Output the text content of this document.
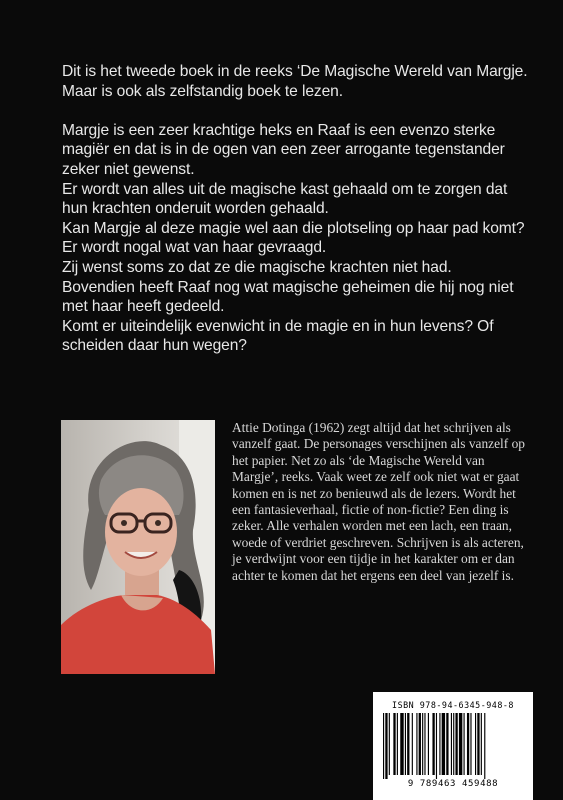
Dit is het tweede boek in de reeks ‘De Magische Wereld van Margje. Maar is ook als zelfstandig boek te lezen.

Margje is een zeer krachtige heks en Raaf is een evenzo sterke magiër en dat is in de ogen van een zeer arrogante tegenstander zeker niet gewenst.

Er wordt van alles uit de magische kast gehaald om te zorgen dat hun krachten onderuit worden gehaald.

Kan Margje al deze magie wel aan die plotseling op haar pad komt? Er wordt nogal wat van haar gevraagd.

Zij wenst soms zo dat ze die magische krachten niet had.

Bovendien heeft Raaf nog wat magische geheimen die hij nog niet met haar heeft gedeeld.

Komt er uiteindelijk evenwicht in de magie en in hun levens? Of scheiden daar hun wegen?

Attie Dotinga (1962) zegt altijd dat het schrijven als vanzelf gaat. De personages verschijnen als vanzelf op het papier. Net zo als ‘de Magische Wereld van Margje’, reeks. Vaak weet ze zelf ook niet wat er gaat komen en is net zo benieuwd als de lezers. Wordt het een fantasieverhaal, fictie of non-fictie? Een ding is zeker. Alle verhalen worden met een lach, een traan, woede of verdriet geschreven. Schrijven is als acteren, je verdwijnt voor een tijdje in het karakter om er dan achter te komen dat het ergens een deel van jezelf is.

ISBN 978-94-6345-948-8
9 789463 459488
